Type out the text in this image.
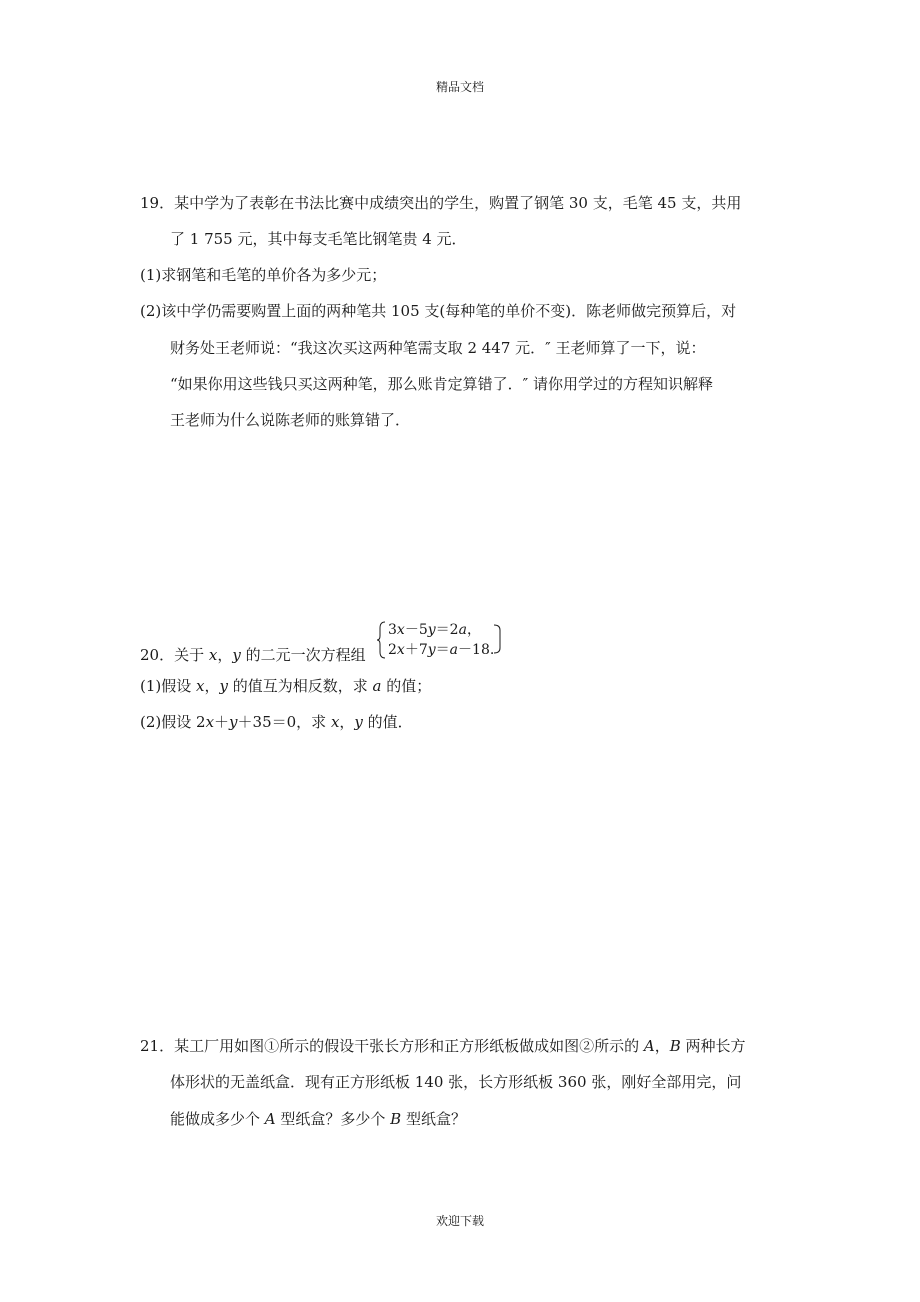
精品文档
19．某中学为了表彰在书法比赛中成绩突出的学生，购置了钢笔 30 支，毛笔 45 支，共用
了 1 755 元，其中每支毛笔比钢笔贵 4 元．
(1)求钢笔和毛笔的单价各为多少元；
(2)该中学仍需要购置上面的两种笔共 105 支(每种笔的单价不变)．陈老师做完预算后，对
财务处王老师说：“我这次买这两种笔需支取 2 447 元．″ 王老师算了一下，说：
“如果你用这些钱只买这两种笔，那么账肯定算错了．″ 请你用学过的方程知识解释
王老师为什么说陈老师的账算错了．
20．关于 x，y 的二元一次方程组
3x－5y＝2a，
2x＋7y＝a－18.
(1)假设 x，y 的值互为相反数，求 a 的值；
(2)假设 2x＋y＋35＝0，求 x，y 的值．
21．某工厂用如图①所示的假设干张长方形和正方形纸板做成如图②所示的 A，B 两种长方
体形状的无盖纸盒．现有正方形纸板 140 张，长方形纸板 360 张，刚好全部用完，问
能做成多少个 A 型纸盒？多少个 B 型纸盒？
欢迎下载
